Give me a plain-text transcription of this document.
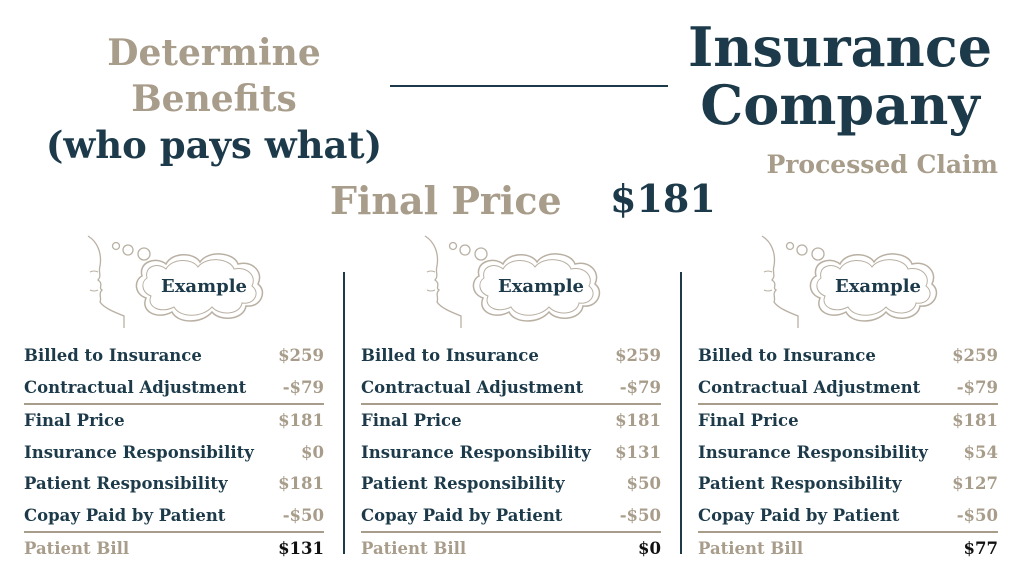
Determine
Benefits
(who pays what)
Insurance
Company
Processed Claim
Final Price $181
Example
Billed to Insurance	$259
Contractual Adjustment -$79
Final Price	$181
Insurance Responsibility	$0
Patient Responsibility	$181
Copay Paid by Patient	-$50
Patient Bill	$131
Example
Billed to Insurance	$259
Contractual Adjustment -$79
Final Price	$181
Insurance Responsibility $131
Patient Responsibility	$50
Copay Paid by Patient	-$50
Patient Bill	$0
Example
Billed to Insurance	$259
Contractual Adjustment -$79
Final Price	$181
Insurance Responsibility $54
Patient Responsibility	$127
Copay Paid by Patient	-$50
Patient Bill	$77
